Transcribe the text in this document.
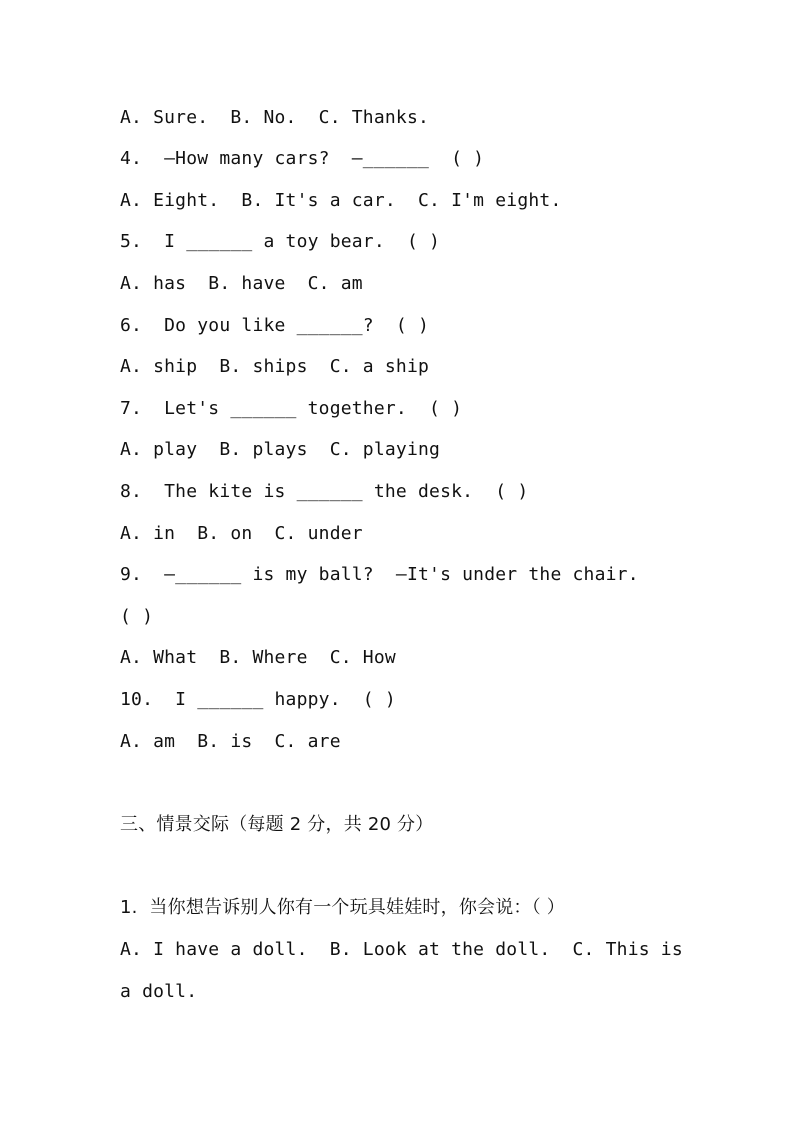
A. Sure.  B. No.  C. Thanks.
4.  —How many cars?  —______  ( )
A. Eight.  B. It's a car.  C. I'm eight.
5.  I ______ a toy bear.  ( )
A. has  B. have  C. am
6.  Do you like ______?  ( )
A. ship  B. ships  C. a ship
7.  Let's ______ together.  ( )
A. play  B. plays  C. playing
8.  The kite is ______ the desk.  ( )
A. in  B. on  C. under
9.  —______ is my ball?  —It's under the chair.
( )
A. What  B. Where  C. How
10.  I ______ happy.  ( )
A. am  B. is  C. are
三、情景交际（每题 2 分，共 20 分）
1.  当你想告诉别人你有一个玩具娃娃时，你会说：（ ）
A. I have a doll.  B. Look at the doll.  C. This is
a doll.
